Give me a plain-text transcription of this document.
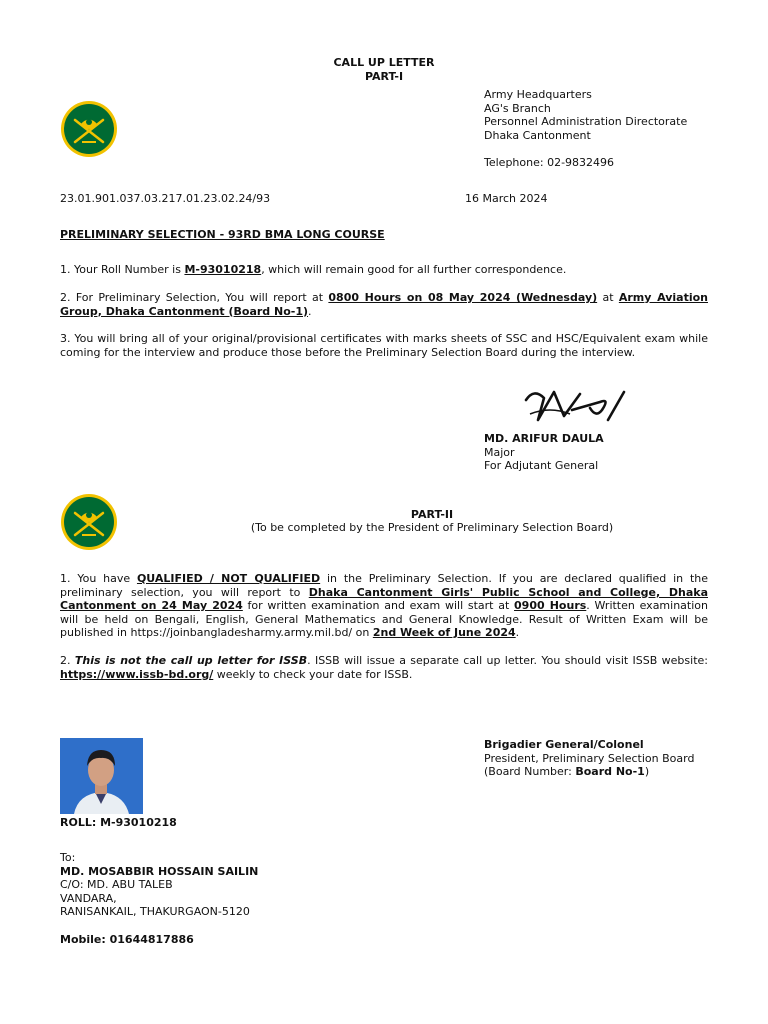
CALL UP LETTER
PART-I
Army Headquarters
AG's Branch
Personnel Administration Directorate
Dhaka Cantonment
Telephone: 02-9832496
23.01.901.037.03.217.01.23.02.24/93	16 March 2024
PRELIMINARY SELECTION - 93RD BMA LONG COURSE
1. Your Roll Number is M-93010218, which will remain good for all further correspondence.
2. For Preliminary Selection, You will report at 0800 Hours on 08 May 2024 (Wednesday) at Army Aviation Group, Dhaka Cantonment (Board No-1).
3. You will bring all of your original/provisional certificates with marks sheets of SSC and HSC/Equivalent exam while coming for the interview and produce those before the Preliminary Selection Board during the interview.
MD. ARIFUR DAULA
Major
For Adjutant General
PART-II
(To be completed by the President of Preliminary Selection Board)
1. You have QUALIFIED / NOT QUALIFIED in the Preliminary Selection. If you are declared qualified in the preliminary selection, you will report to Dhaka Cantonment Girls' Public School and College, Dhaka Cantonment on 24 May 2024 for written examination and exam will start at 0900 Hours. Written examination will be held on Bengali, English, General Mathematics and General Knowledge. Result of Written Exam will be published in https://joinbangladesharmy.army.mil.bd/ on 2nd Week of June 2024.
2. This is not the call up letter for ISSB. ISSB will issue a separate call up letter. You should visit ISSB website: https://www.issb-bd.org/ weekly to check your date for ISSB.
ROLL: M-93010218
Brigadier General/Colonel
President, Preliminary Selection Board
(Board Number: Board No-1)
To:
MD. MOSABBIR HOSSAIN SAILIN
C/O: MD. ABU TALEB
VANDARA,
RANISANKAIL, THAKURGAON-5120
Mobile: 01644817886
